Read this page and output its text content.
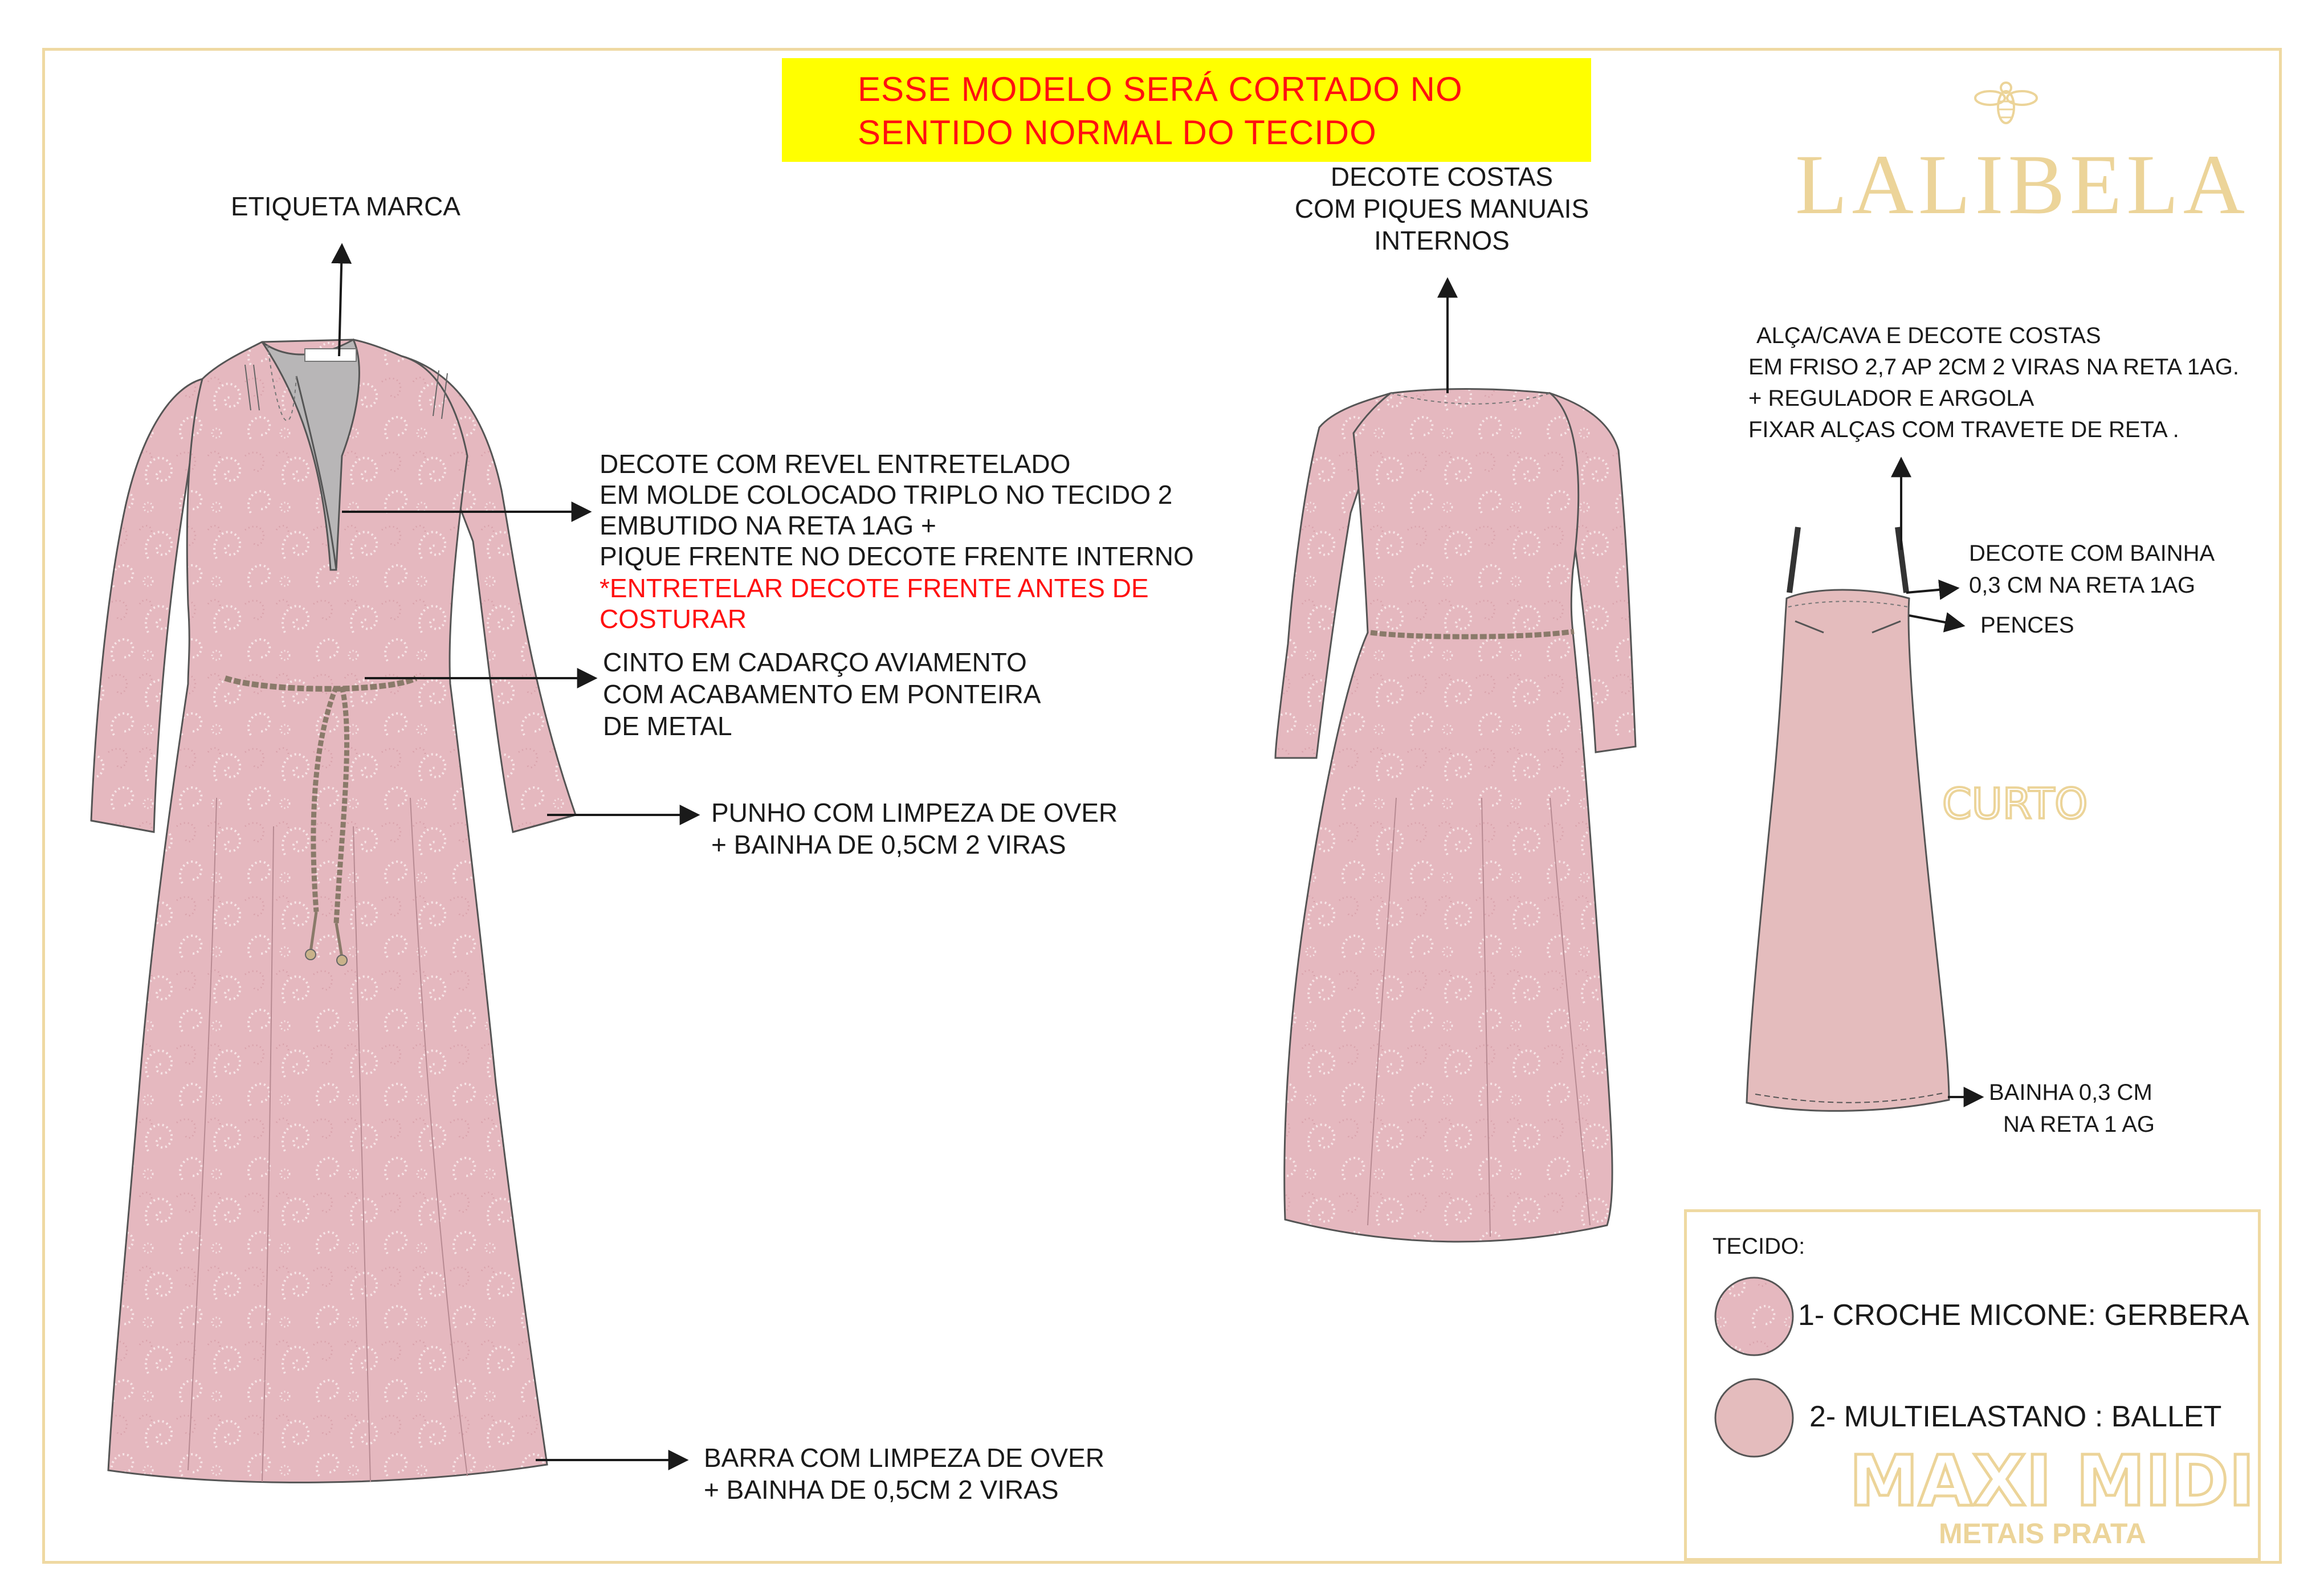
ESSE MODELO SERÁ CORTADO NO
SENTIDO NORMAL DO TECIDO
LALIBELA
ETIQUETA MARCA
DECOTE COM REVEL ENTRETELADO
EM MOLDE COLOCADO TRIPLO NO TECIDO 2
EMBUTIDO NA RETA 1AG +
PIQUE FRENTE NO DECOTE FRENTE INTERNO
*ENTRETELAR DECOTE FRENTE ANTES DE
COSTURAR
CINTO EM CADARÇO AVIAMENTO
COM ACABAMENTO EM PONTEIRA
DE METAL
PUNHO COM LIMPEZA DE OVER
+ BAINHA DE 0,5CM 2 VIRAS
BARRA COM LIMPEZA DE OVER
+ BAINHA DE 0,5CM 2 VIRAS
DECOTE COSTAS
COM PIQUES MANUAIS
INTERNOS
ALÇA/CAVA E DECOTE COSTAS
EM FRISO 2,7 AP 2CM 2 VIRAS NA RETA 1AG.
+ REGULADOR E ARGOLA
FIXAR ALÇAS COM TRAVETE DE RETA .
DECOTE COM BAINHA
0,3 CM NA RETA 1AG
PENCES
CURTO
BAINHA 0,3 CM
NA RETA 1 AG
TECIDO:
1- CROCHE MICONE: GERBERA
2- MULTIELASTANO : BALLET
MAXI MIDI
METAIS PRATA
